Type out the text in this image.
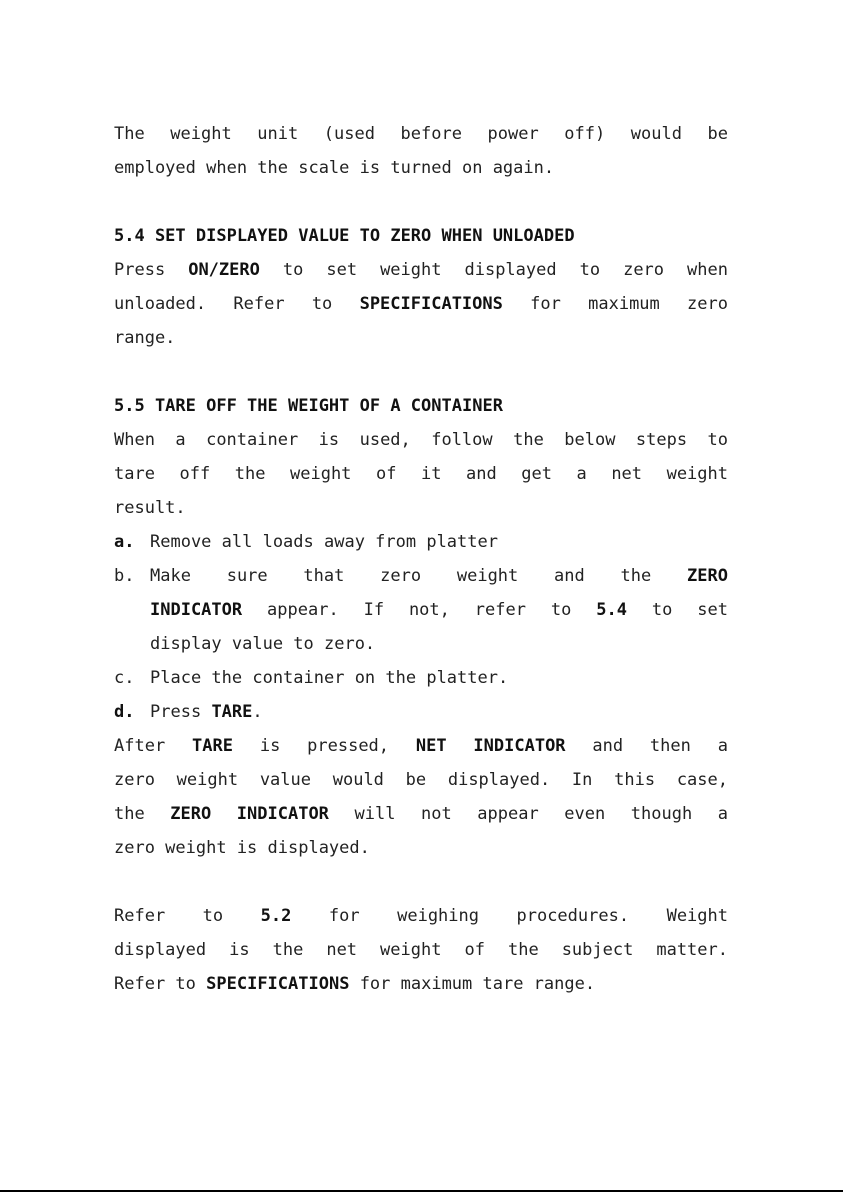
The weight unit (used before power off) would be
employed when the scale is turned on again.
5.4 SET DISPLAYED VALUE TO ZERO WHEN UNLOADED
Press ON/ZERO to set weight displayed to zero when
unloaded. Refer to SPECIFICATIONS for maximum zero
range.
5.5 TARE OFF THE WEIGHT OF A CONTAINER
When a container is used, follow the below steps to
tare off the weight of it and get a net weight
result.
a. Remove all loads away from platter
b. Make sure that zero weight and the ZERO
INDICATOR appear. If not, refer to 5.4 to set
display value to zero.
c. Place the container on the platter.
d. Press TARE.
After TARE is pressed, NET INDICATOR and then a
zero weight value would be displayed. In this case,
the ZERO INDICATOR will not appear even though a
zero weight is displayed.
Refer to 5.2 for weighing procedures. Weight
displayed is the net weight of the subject matter.
Refer to SPECIFICATIONS for maximum tare range.
